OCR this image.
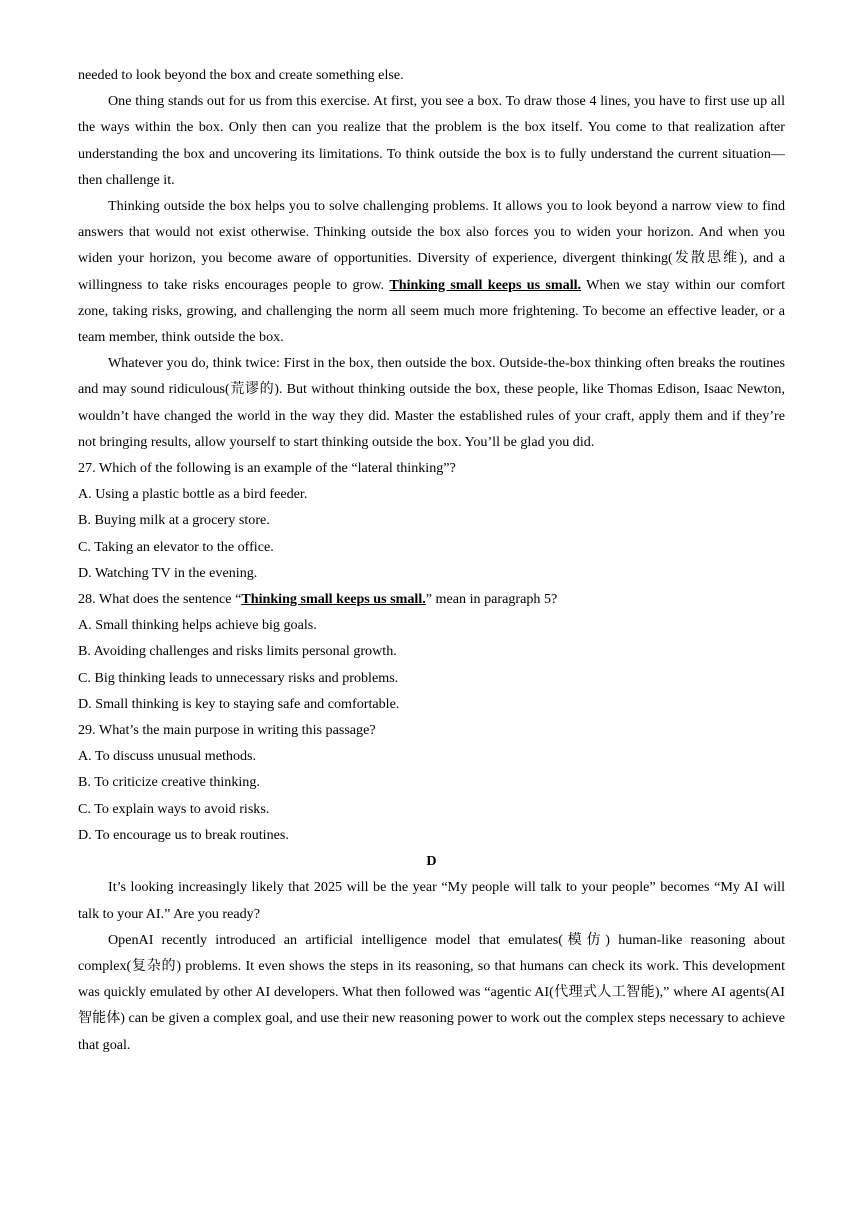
needed to look beyond the box and create something else.

One thing stands out for us from this exercise. At first, you see a box. To draw those 4 lines, you have to first use up all the ways within the box. Only then can you realize that the problem is the box itself. You come to that realization after understanding the box and uncovering its limitations. To think outside the box is to fully understand the current situation—then challenge it.

Thinking outside the box helps you to solve challenging problems. It allows you to look beyond a narrow view to find answers that would not exist otherwise. Thinking outside the box also forces you to widen your horizon. And when you widen your horizon, you become aware of opportunities. Diversity of experience, divergent thinking(发散思维), and a willingness to take risks encourages people to grow. Thinking small keeps us small. When we stay within our comfort zone, taking risks, growing, and challenging the norm all seem much more frightening. To become an effective leader, or a team member, think outside the box.

Whatever you do, think twice: First in the box, then outside the box. Outside-the-box thinking often breaks the routines and may sound ridiculous(荒谬的). But without thinking outside the box, these people, like Thomas Edison, Isaac Newton, wouldn’t have changed the world in the way they did. Master the established rules of your craft, apply them and if they’re not bringing results, allow yourself to start thinking outside the box. You’ll be glad you did.

27. Which of the following is an example of the “lateral thinking”?

A. Using a plastic bottle as a bird feeder.

B. Buying milk at a grocery store.

C. Taking an elevator to the office.

D. Watching TV in the evening.

28. What does the sentence “Thinking small keeps us small.” mean in paragraph 5?

A. Small thinking helps achieve big goals.

B. Avoiding challenges and risks limits personal growth.

C. Big thinking leads to unnecessary risks and problems.

D. Small thinking is key to staying safe and comfortable.

29. What’s the main purpose in writing this passage?

A. To discuss unusual methods.

B. To criticize creative thinking.

C. To explain ways to avoid risks.

D. To encourage us to break routines.

D

It’s looking increasingly likely that 2025 will be the year “My people will talk to your people” becomes “My AI will talk to your AI.” Are you ready?

OpenAI recently introduced an artificial intelligence model that emulates(模仿) human-like reasoning about complex(复杂的) problems. It even shows the steps in its reasoning, so that humans can check its work. This development was quickly emulated by other AI developers. What then followed was “agentic AI(代理式人工智能),” where AI agents(AI智能体) can be given a complex goal, and use their new reasoning power to work out the complex steps necessary to achieve that goal.
